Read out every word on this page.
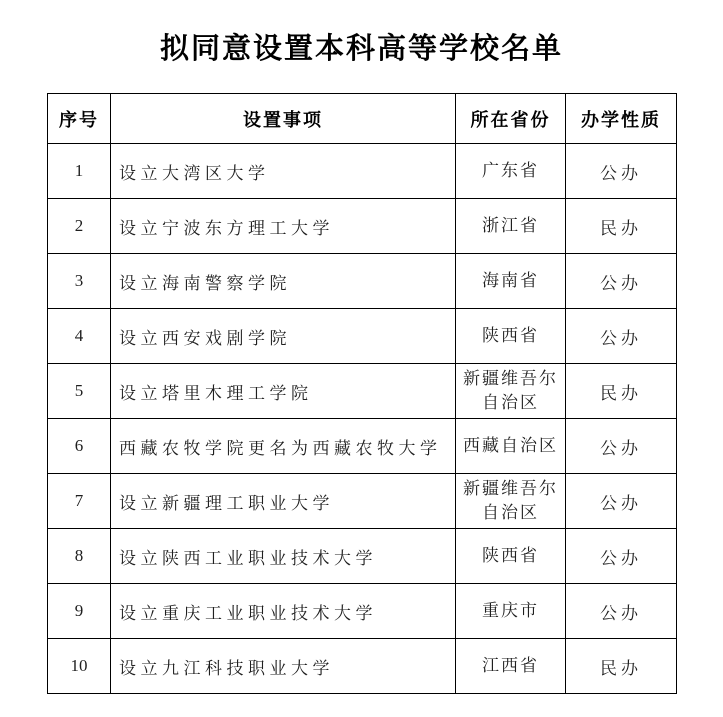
拟同意设置本科高等学校名单
序号	设置事项	所在省份	办学性质
1	设立大湾区大学	广东省	公办
2	设立宁波东方理工大学	浙江省	民办
3	设立海南警察学院	海南省	公办
4	设立西安戏剧学院	陕西省	公办
5	设立塔里木理工学院	新疆维吾尔自治区	民办
6	西藏农牧学院更名为西藏农牧大学	西藏自治区	公办
7	设立新疆理工职业大学	新疆维吾尔自治区	公办
8	设立陕西工业职业技术大学	陕西省	公办
9	设立重庆工业职业技术大学	重庆市	公办
10	设立九江科技职业大学	江西省	民办
